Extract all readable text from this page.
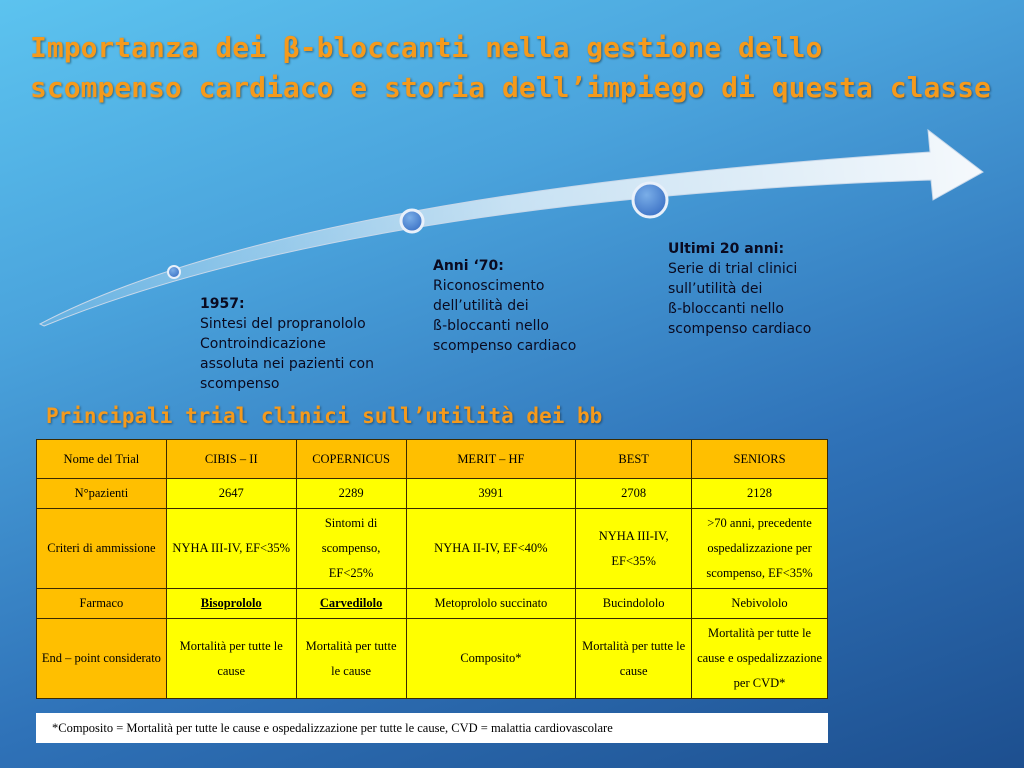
Importanza dei β-bloccanti nella gestione dello
scompenso cardiaco e storia dell’impiego di questa classe
1957:
Sintesi del propranololo
Controindicazione
assoluta nei pazienti con
scompenso
Anni ‘70:
Riconoscimento
dell’utilità dei
ß-bloccanti nello
scompenso cardiaco
Ultimi 20 anni:
Serie di trial clinici
sull’utilità dei
ß-bloccanti nello
scompenso cardiaco
Principali trial clinici sull’utilità dei bb
Nome del Trial	CIBIS – II	COPERNICUS	MERIT – HF	BEST	SENIORS
N°pazienti	2647	2289	3991	2708	2128
Criteri di ammissione	NYHA III-IV, EF<35%	Sintomi di scompenso, EF<25%	NYHA II-IV, EF<40%	NYHA III-IV, EF<35%	>70 anni, precedente ospedalizzazione per scompenso, EF<35%
Farmaco	Bisoprololo	Carvedilolo	Metoprololo succinato	Bucindololo	Nebivololo
End – point considerato	Mortalità per tutte le cause	Mortalità per tutte le cause	Composito*	Mortalità per tutte le cause	Mortalità per tutte le cause e ospedalizzazione per CVD*
*Composito = Mortalità per tutte le cause e ospedalizzazione per tutte le cause, CVD = malattia cardiovascolare
